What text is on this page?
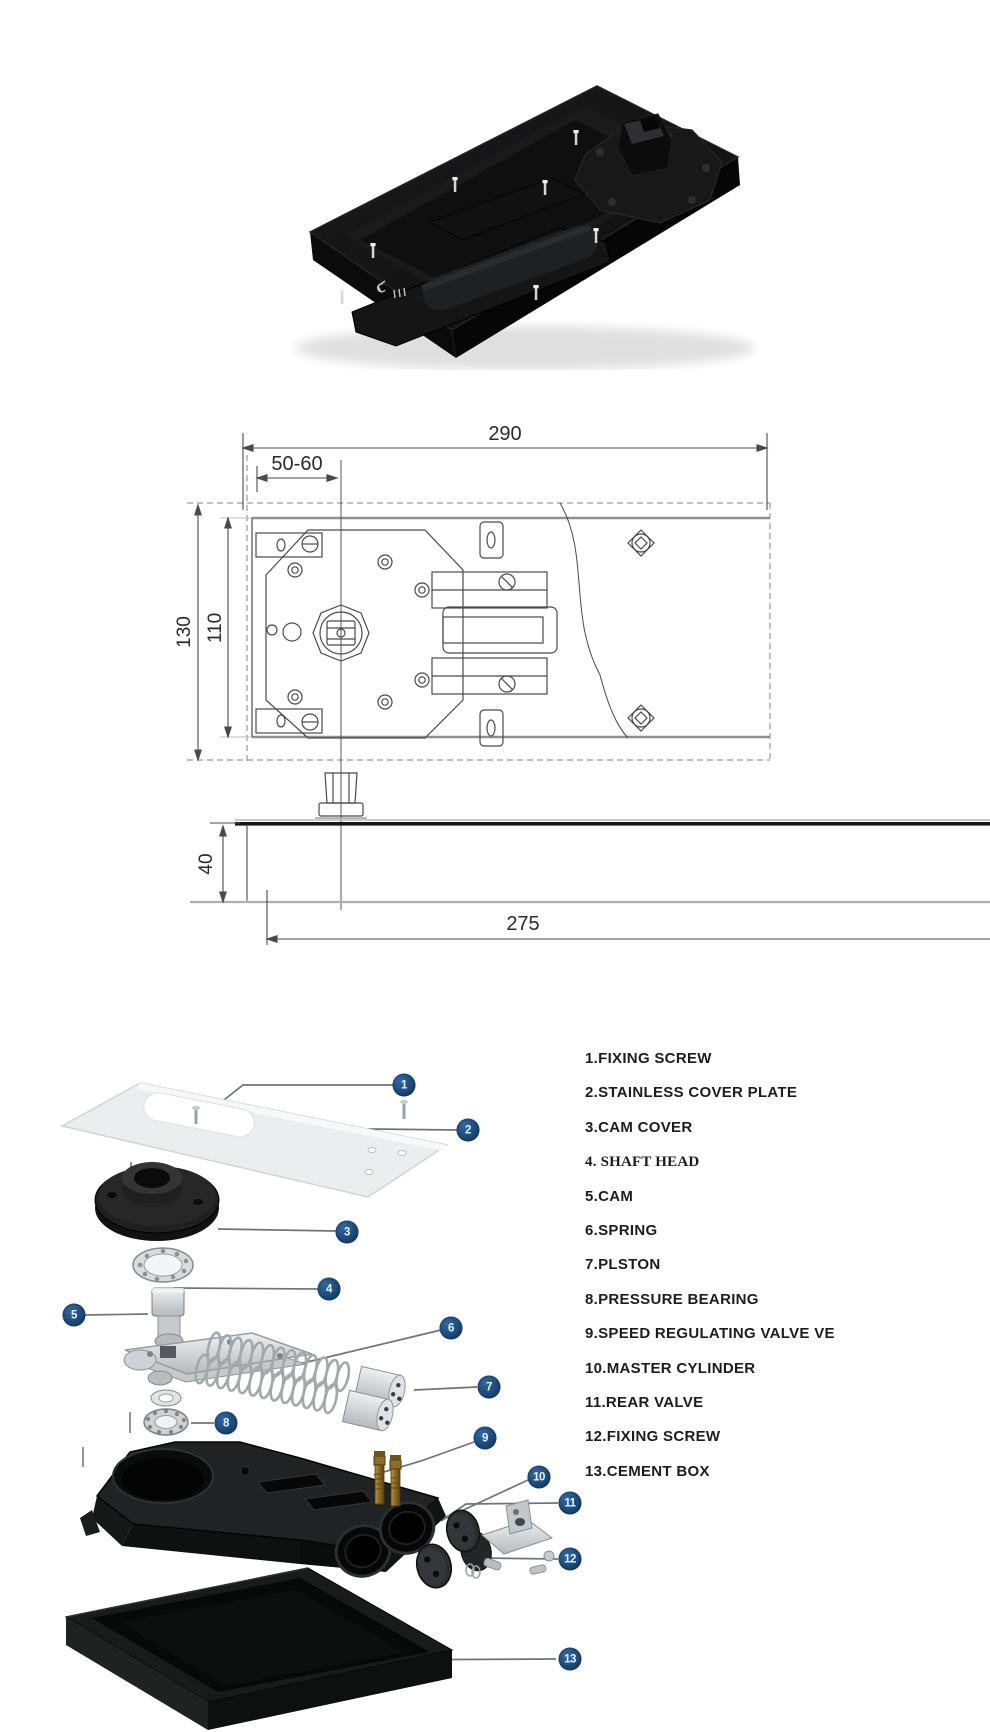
290
50-60
130 110
40
275
1
2
3
4
5
6
7
8
9
10
11
12
13
1.FIXING SCREW
2.STAINLESS COVER PLATE
3.CAM COVER
4. SHAFT HEAD
5.CAM
6.SPRING
7.PLSTON
8.PRESSURE BEARING
9.SPEED REGULATING VALVE VE
10.MASTER CYLINDER
11.REAR VALVE
12.FIXING SCREW
13.CEMENT BOX
